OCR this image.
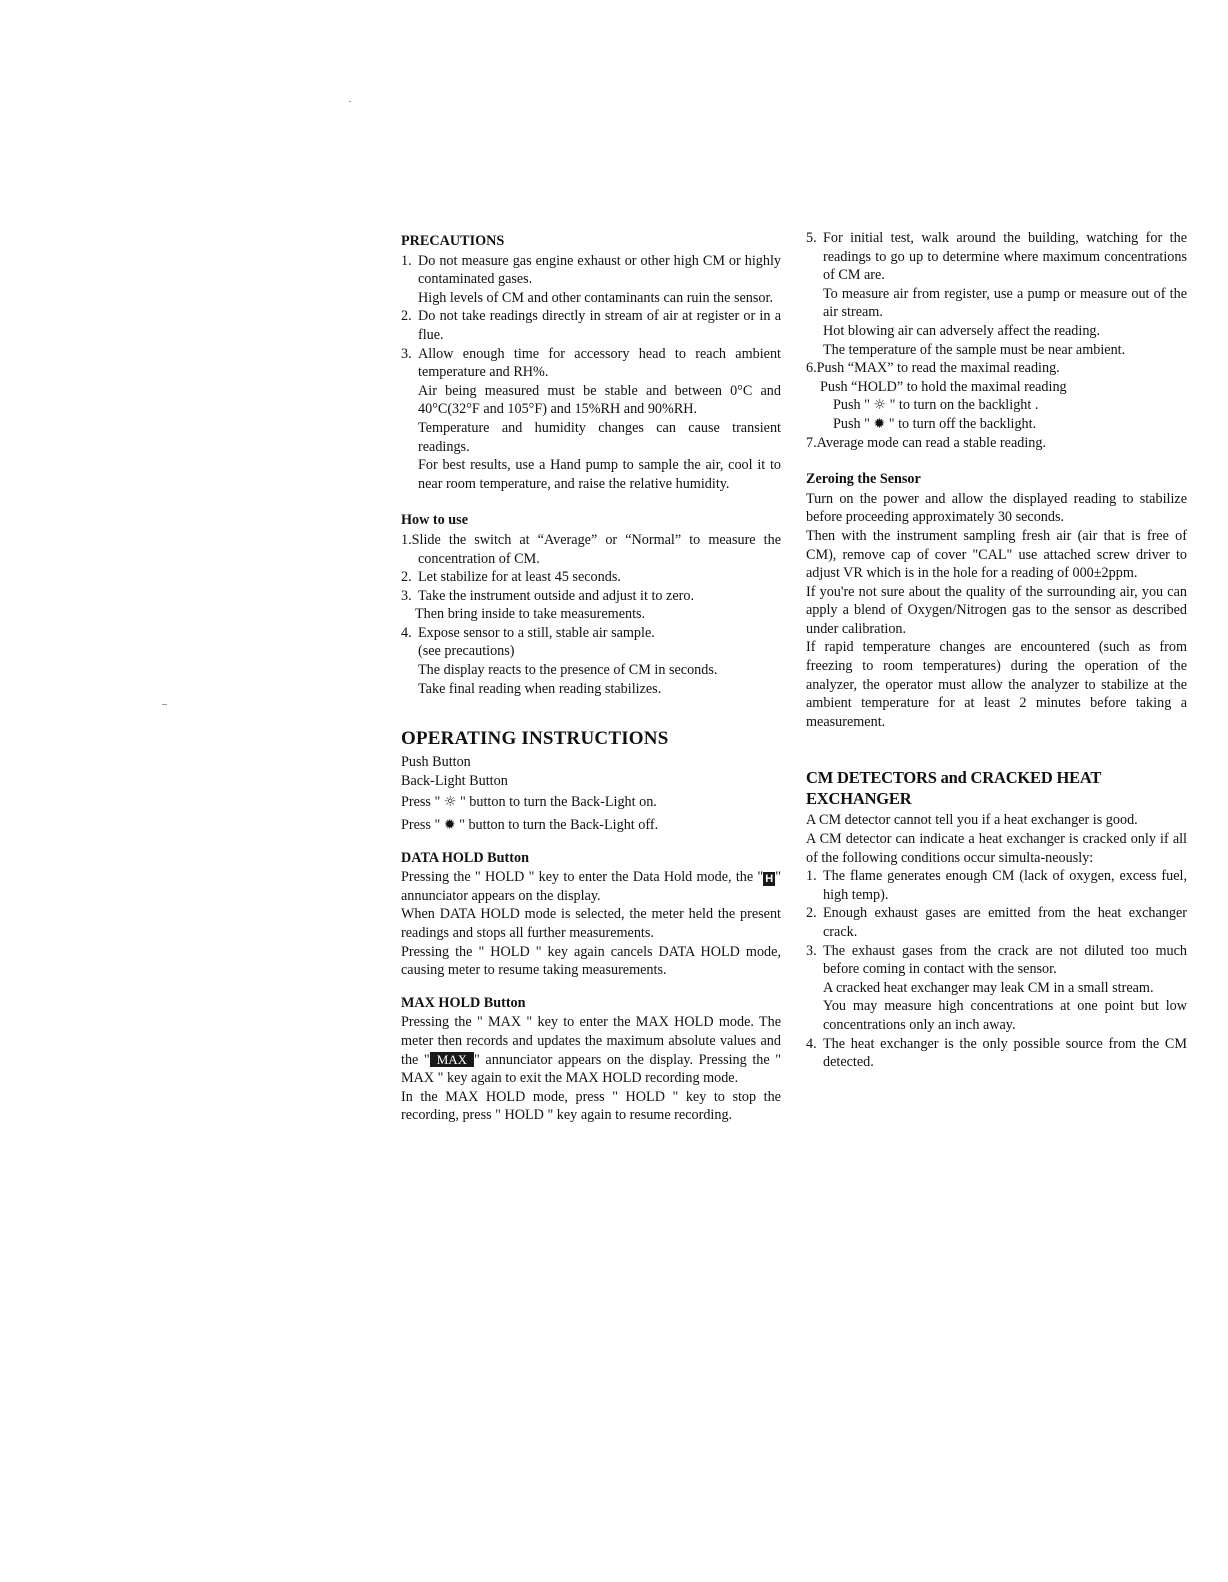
PRECAUTIONS
1. Do not measure gas engine exhaust or other high CM or highly contaminated gases.
High levels of CM and other contaminants can ruin the sensor.
2. Do not take readings directly in stream of air at register or in a flue.
3. Allow enough time for accessory head to reach ambient temperature and RH%.
Air being measured must be stable and between 0°C and 40°C(32°F and 105°F) and 15%RH and 90%RH.
Temperature and humidity changes can cause transient readings.
For best results, use a Hand pump to sample the air, cool it to near room temperature, and raise the relative humidity.
How to use
1.Slide the switch at “Average” or “Normal” to measure the concentration of CM.
2. Let stabilize for at least 45 seconds.
3. Take the instrument outside and adjust it to zero.
Then bring inside to take measurements.
4. Expose sensor to a still, stable air sample.
(see precautions)
The display reacts to the presence of CM in seconds.
Take final reading when reading stabilizes.
OPERATING INSTRUCTIONS
Push Button
Back-Light Button
Press " ☼ " button to turn the Back-Light on.
Press " ✹ " button to turn the Back-Light off.
DATA HOLD Button

Pressing the " HOLD " key to enter the Data Hold mode, the " H " annunciator appears on the display.

When DATA HOLD mode is selected, the meter held the present readings and stops all further measurements.

Pressing the " HOLD " key again cancels DATA HOLD mode, causing meter to resume taking measurements.

MAX HOLD Button

Pressing the " MAX " key to enter the MAX HOLD mode. The meter then records and updates the maximum absolute values and the " MAX " annunciator appears on the display. Pressing the " MAX " key again to exit the MAX HOLD recording mode.

In the MAX HOLD mode, press " HOLD " key to stop the recording, press " HOLD " key again to resume recording.

5. For initial test, walk around the building, watching for the readings to go up to determine where maximum concentrations of CM are.
To measure air from register, use a pump or measure out of the air stream.
Hot blowing air can adversely affect the reading.
The temperature of the sample must be near ambient.
6.Push “MAX” to read the maximal reading.
Push “HOLD” to hold the maximal reading
Push " ☼ " to turn on the backlight .
Push " ✹ " to turn off the backlight.
7.Average mode can read a stable reading.
Zeroing the Sensor

Turn on the power and allow the displayed reading to stabilize before proceeding approximately 30 seconds.

Then with the instrument sampling fresh air (air that is free of CM), remove cap of cover "CAL" use attached screw driver to adjust VR which is in the hole for a reading of 000±2ppm.

If you're not sure about the quality of the surrounding air, you can apply a blend of Oxygen/Nitrogen gas to the sensor as described under calibration.

If rapid temperature changes are encountered (such as from freezing to room temperatures) during the operation of the analyzer, the operator must allow the analyzer to stabilize at the ambient temperature for at least 2 minutes before taking a measurement.

CM DETECTORS and CRACKED HEAT EXCHANGER

A CM detector cannot tell you if a heat exchanger is good.

A CM detector can indicate a heat exchanger is cracked only if all of the following conditions occur simulta-neously:

1. The flame generates enough CM (lack of oxygen, excess fuel, high temp).
2. Enough exhaust gases are emitted from the heat exchanger crack.
3. The exhaust gases from the crack are not diluted too much before coming in contact with the sensor.
A cracked heat exchanger may leak CM in a small stream.
You may measure high concentrations at one point but low concentrations only an inch away.
4. The heat exchanger is the only possible source from the CM detected.
